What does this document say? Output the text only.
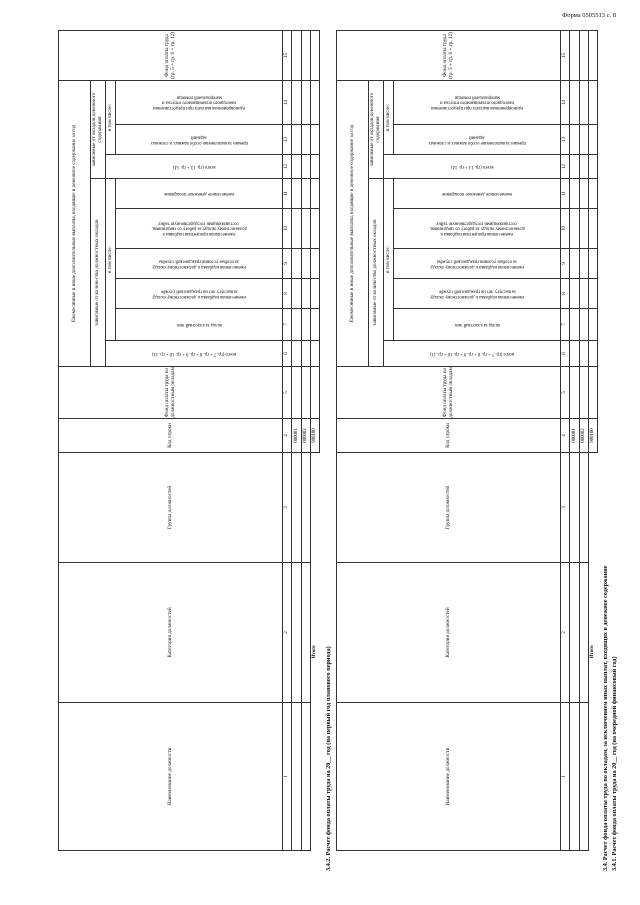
Форма 0505513 с. 8
3.4. Расчет фонда оплаты труда по окладам, за исключением иных выплат, входящих в денежное содержание 3.4.1. Расчет фонда оплаты труда на 20__ год (на очередной финансовый год)
3.4.2. Расчет фонда оплаты труда на 20__ год (на первый год планового периода)	Наименование должности	Категория должностей	Группа должностей	Код строки	Фонд оплаты труда по должностным окладам	Ежемесячные и иные дополнительные выплаты, входящие в денежное содержание за год									Фонд оплаты труда (гр. 5 + гр. 6 + гр. 12)
					зависимые от количества должностных окладов						зависимые от окладов денежного содержания			

					всего (гр. 7 + гр. 8 + гр. 9 + гр. 10 + гр. 11)	в том числе:					всего (гр. 13 + гр. 14)	в том числе:		

						оклад за классный чин	ежемесячная надбавка к должностному окладу за выслугу лет на гражданской службе	ежемесячная надбавка к должностному окладу за особые условия гражданской службы	ежемесячная процентная надбавка к должностному окладу за работу со сведениями, составляющими государственную тайну	ежемесячное денежное поощрение		премии за выполнение особо важных и сложных заданий	единовременная выплата при предоставлении ежегодного оплачиваемого отпуска и материальной помощи	

1	2	3	4	5	6	7	8	9	10	11	12	13	14	15
			000001											
			000002											
Итого			900100											
Наименование должности	Категория должностей	Группа должностей	Код строки	Фонд оплаты труда по должностным окладам	Ежемесячные и иные дополнительные выплаты, входящие в денежное содержание за год									Фонд оплаты труда (гр. 5 + гр. 6 + гр. 12)
					зависимые от количества должностных окладов						зависимые от окладов денежного содержания			

					всего (гр. 7 + гр. 8 + гр. 9 + гр. 10 + гр. 11)	в том числе:					всего (гр. 13 + гр. 14)	в том числе:		

						оклад за классный чин	ежемесячная надбавка к должностному окладу за выслугу лет на гражданской службе	ежемесячная надбавка к должностному окладу за особые условия гражданской службы	ежемесячная процентная надбавка к должностному окладу за работу со сведениями, составляющими государственную тайну	ежемесячное денежное поощрение		премии за выполнение особо важных и сложных заданий	единовременная выплата при предоставлении ежегодного оплачиваемого отпуска и материальной помощи	

1	2	3	4	5	6	7	8	9	10	11	12	13	14	15
			000001											
			000002											
Итого			900100											
